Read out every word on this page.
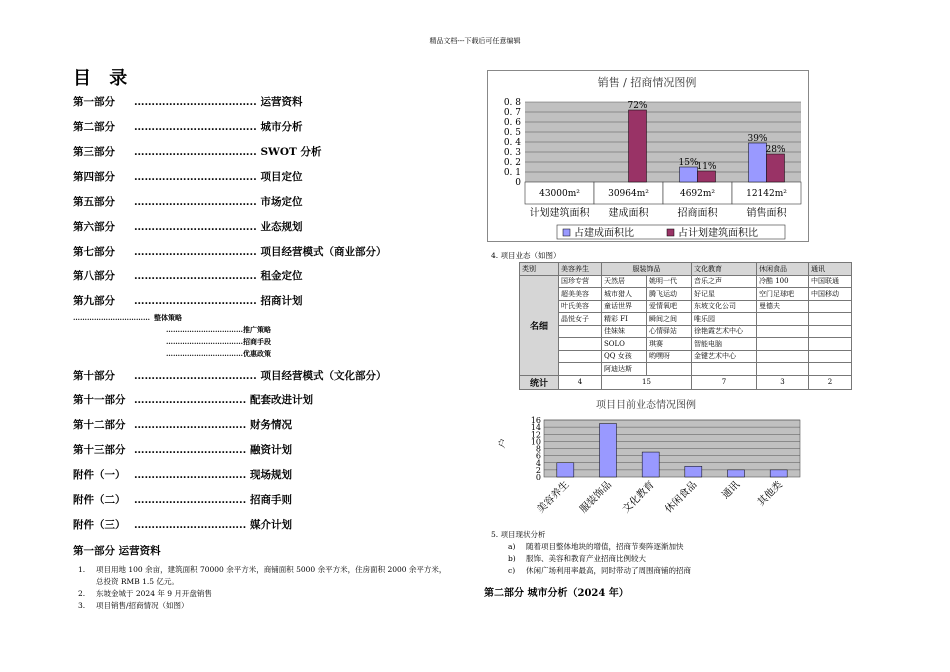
精品文档---下载后可任意编辑
目 录
第一部分 …………………………….. 运营资料
第二部分 …………………………….. 城市分析
第三部分 …………………………….. SWOT 分析
第四部分 …………………………….. 项目定位
第五部分 …………………………….. 市场定位
第六部分 …………………………….. 业态规划
第七部分 …………………………….. 项目经营模式（商业部分）
第八部分 …………………………….. 租金定位
第九部分 …………………………….. 招商计划
…………………………… 整体策略
……………………………推广策略
……………………………招商手段
……………………………优惠政策
第十部分 …………………………….. 项目经营模式（文化部分）
第十一部分 ………………………….. 配套改进计划
第十二部分 ………………………….. 财务情况
第十三部分 ………………………….. 融资计划
附件（一） ………………………….. 现场规划
附件（二） ………………………….. 招商手则
附件（三） ………………………….. 媒介计划
第一部分 运营资料
1. 项目用地 100 余亩，建筑面积 70000 余平方米，商铺面积 5000 余平方米，住房面积 2000 余平方米，
总投资 RMB 1.5 亿元。
2. 东坡金城于 2024 年 9 月开盘销售
3. 项目销售/招商情况（如图）
销售 / 招商情况图例
0
0. 1
0. 2
0. 3
0. 4
0. 5
0. 6
0. 7
0. 8
43000m²
计划建筑面积
30964m²
建成面积
72%
4692m²
招商面积
15%
11%
12142m²
销售面积
39%
28%
占建成面积比	占计划建筑面积比
4. 项目业态（如图）
类别	美容养生	服装饰品		文化教育	休闲食品	通讯
名细	国珍专营	天然居	姚明一代	音乐之声	冷酷 100	中国联通
	超美美容	城市猎人	腾飞运动	好记星	空门足球吧	中国移动
	叶氏美容	童话世界	爱情氧吧	东坡文化公司	曼德夫	
	晶悦女子	精彩 FI	瞬间之间	唯乐园		
		佳妹妹	心情驿站	徐艳霞艺术中心		
		SOLO	琪赛	智能电脑		
		QQ 女孩	哟嘿呀	金键艺术中心		
		阿迪达斯				
统计	4	15		7	3	2
项目目前业态情况图例
0
2
4
6
8
10
12
14
16
户
美容养生 服装饰品 文化教育 休闲食品 通讯 其他类
5. 项目现状分析
a) 随着项目整体地块的增值，招商节奏阵逐渐加快
b) 服饰、美容和教育产业招商比例较大
c) 休闲广场利用率最高，同时带动了周围商铺的招商
第二部分 城市分析（2024 年）
